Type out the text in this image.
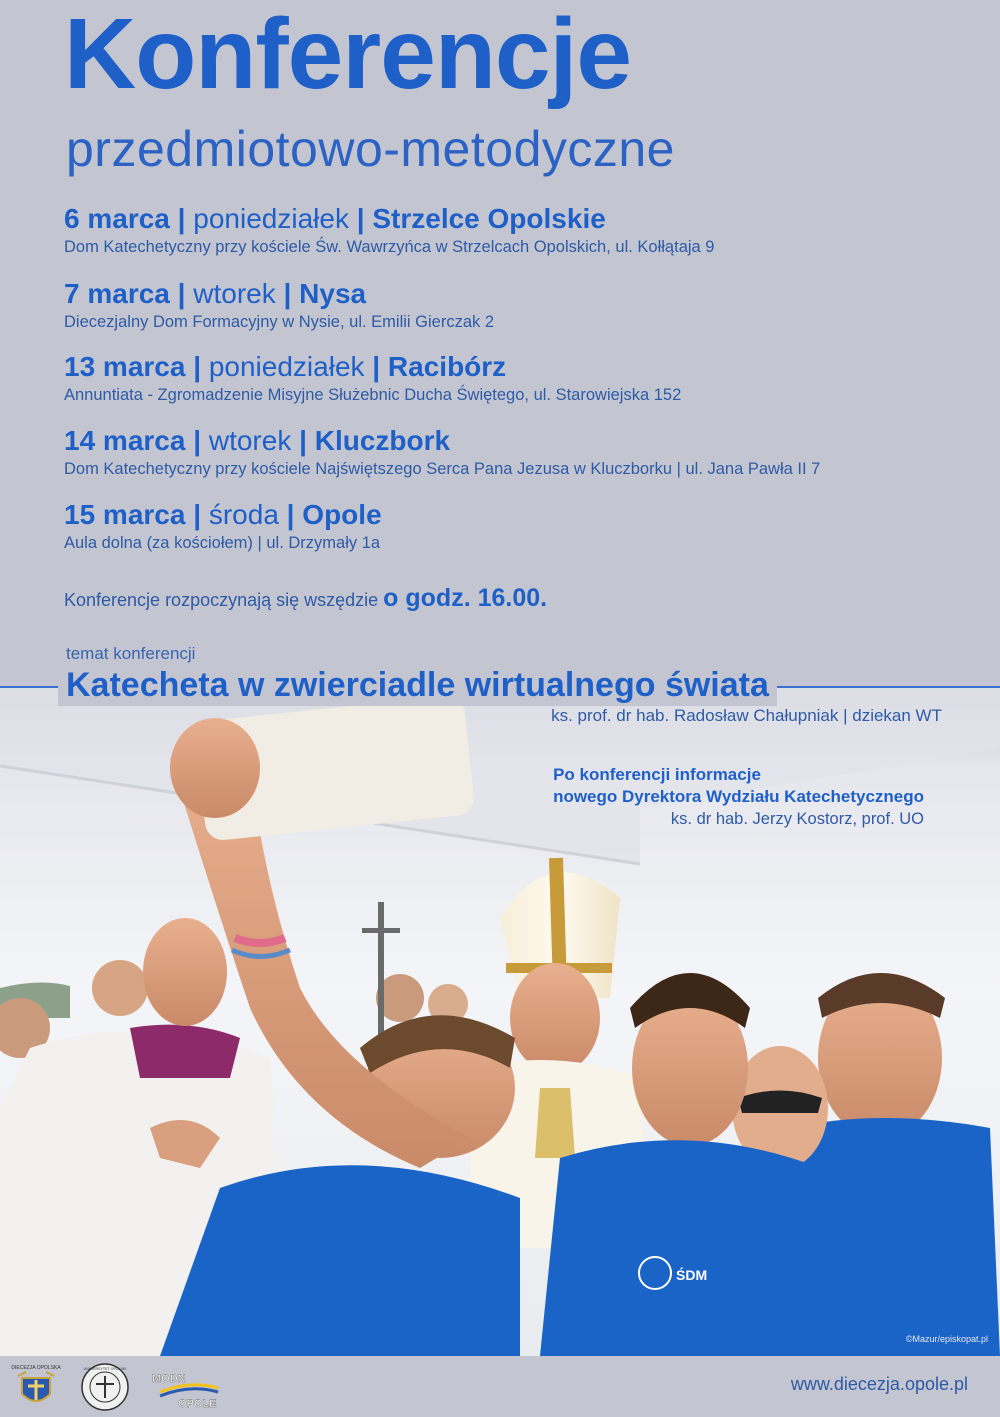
Konferencje
przedmiotowo-metodyczne
6 marca | poniedziałek | Strzelce Opolskie
Dom Katechetyczny przy kościele Św. Wawrzyńca w Strzelcach Opolskich, ul. Kołłątaja 9
7 marca | wtorek | Nysa
Diecezjalny Dom Formacyjny w Nysie, ul. Emilii Gierczak 2
13 marca | poniedziałek | Racibórz
Annuntiata - Zgromadzenie Misyjne Służebnic Ducha Świętego, ul. Starowiejska 152
14 marca | wtorek | Kluczbork
Dom Katechetyczny przy kościele Najświętszego Serca Pana Jezusa w Kluczborku | ul. Jana Pawła II 7
15 marca | środa | Opole
Aula dolna (za kościołem) | ul. Drzymały 1a
Konferencje rozpoczynają się wszędzie o godz. 16.00.
ŚDM
temat konferencji
Katecheta w zwierciadle wirtualnego świata
ks. prof. dr hab. Radosław Chałupniak | dziekan WT
Po konferencji informacje
nowego Dyrektora Wydziału Katechetycznego
ks. dr hab. Jerzy Kostorz, prof. UO
©Mazur/episkopat.pl
DIECEZJA OPOLSKA	UNIWERSYTET OPOLSKI
MODN
OPOLE
www.diecezja.opole.pl
